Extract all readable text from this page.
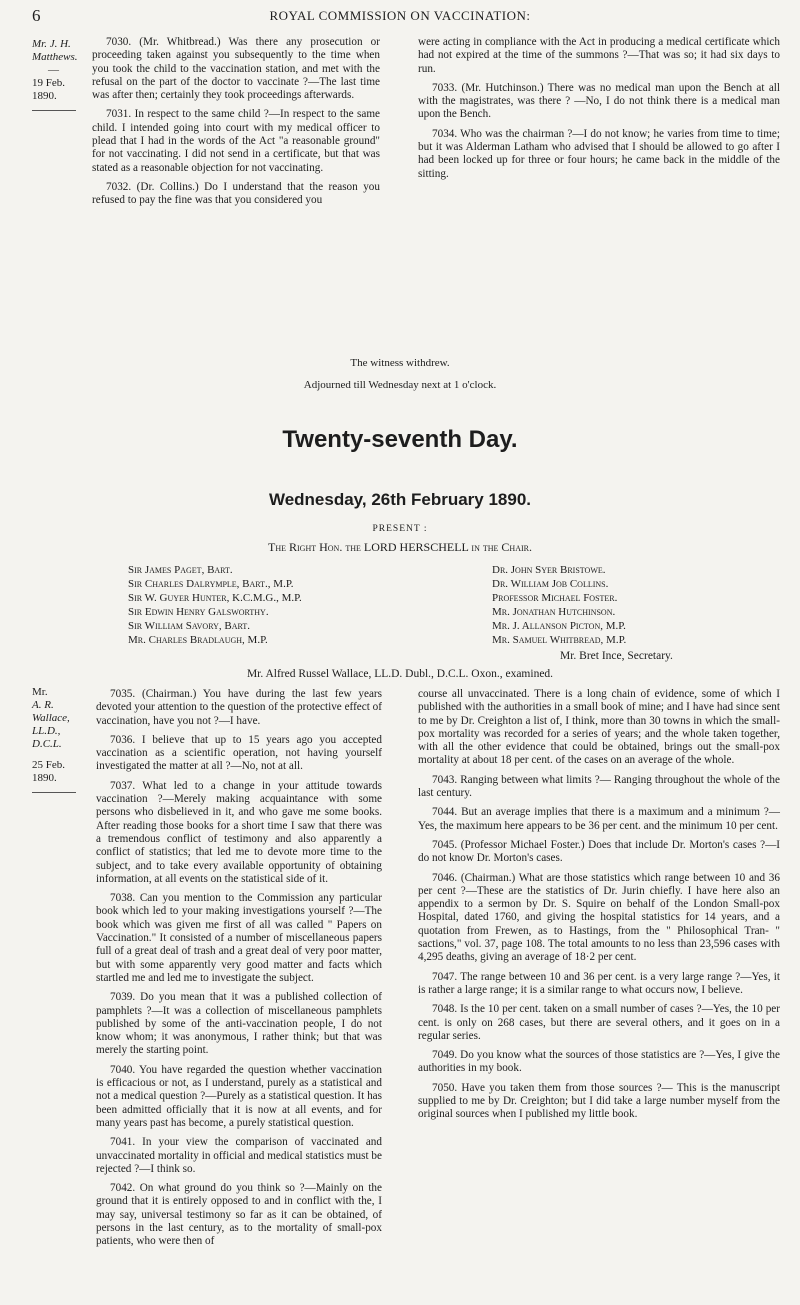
6	ROYAL COMMISSION ON VACCINATION:
Mr. J. H. Matthews.
—
19 Feb. 1890.

7030. (Mr. Whitbread.) Was there any prosecution or proceeding taken against you subsequently to the time when you took the child to the vaccination station, and met with the refusal on the part of the doctor to vaccinate ?—The last time was after then; certainly they took proceedings afterwards.

7031. In respect to the same child ?—In respect to the same child. I intended going into court with my medical officer to plead that I had in the words of the Act "a reasonable ground" for not vaccinating. I did not send in a certificate, but that was stated as a reasonable objection for not vaccinating.

7032. (Dr. Collins.) Do I understand that the reason you refused to pay the fine was that you considered you

were acting in compliance with the Act in producing a medical certificate which had not expired at the time of the summons ?—That was so; it had six days to run.

7033. (Mr. Hutchinson.) There was no medical man upon the Bench at all with the magistrates, was there ? —No, I do not think there is a medical man upon the Bench.

7034. Who was the chairman ?—I do not know; he varies from time to time; but it was Alderman Latham who advised that I should be allowed to go after I had been locked up for three or four hours; he came back in the middle of the sitting.

The witness withdrew.
Adjourned till Wednesday next at 1 o'clock.
Twenty-seventh Day.
Wednesday, 26th February 1890.
PRESENT :
The Right Hon. the LORD HERSCHELL in the Chair.
Sir James Paget, Bart.
Sir Charles Dalrymple, Bart., M.P.
Sir W. Guyer Hunter, K.C.M.G., M.P.
Sir Edwin Henry Galsworthy.
Sir William Savory, Bart.
Mr. Charles Bradlaugh, M.P.
Dr. John Syer Bristowe.
Dr. William Job Collins.
Professor Michael Foster.
Mr. Jonathan Hutchinson.
Mr. J. Allanson Picton, M.P.
Mr. Samuel Whitbread, M.P.
Mr. Bret Ince, Secretary.
Mr. Alfred Russel Wallace, LL.D. Dubl., D.C.L. Oxon., examined.
Mr.
A. R. Wallace, LL.D., D.C.L.
25 Feb. 1890.

7035. (Chairman.) You have during the last few years devoted your attention to the question of the protective effect of vaccination, have you not ?—I have.

7036. I believe that up to 15 years ago you accepted vaccination as a scientific operation, not having yourself investigated the matter at all ?—No, not at all.

7037. What led to a change in your attitude towards vaccination ?—Merely making acquaintance with some persons who disbelieved in it, and who gave me some books. After reading those books for a short time I saw that there was a tremendous conflict of testimony and also apparently a conflict of statistics; that led me to devote more time to the subject, and to take every available opportunity of obtaining information, at all events on the statistical side of it.

7038. Can you mention to the Commission any particular book which led to your making investigations yourself ?—The book which was given me first of all was called " Papers on Vaccination." It consisted of a number of miscellaneous papers full of a great deal of trash and a great deal of very poor matter, but with some apparently very good matter and facts which startled me and led me to investigate the subject.

7039. Do you mean that it was a published collection of pamphlets ?—It was a collection of miscellaneous pamphlets published by some of the anti-vaccination people, I do not know whom; it was anonymous, I rather think; but that was merely the starting point.

7040. You have regarded the question whether vaccination is efficacious or not, as I understand, purely as a statistical and not a medical question ?—Purely as a statistical question. It has been admitted officially that it is now at all events, and for many years past has become, a purely statistical question.

7041. In your view the comparison of vaccinated and unvaccinated mortality in official and medical statistics must be rejected ?—I think so.

7042. On what ground do you think so ?—Mainly on the ground that it is entirely opposed to and in conflict with the, I may say, universal testimony so far as it can be obtained, of persons in the last century, as to the mortality of small-pox patients, who were then of

course all unvaccinated. There is a long chain of evidence, some of which I published with the authorities in a small book of mine; and I have had since sent to me by Dr. Creighton a list of, I think, more than 30 towns in which the small-pox mortality was recorded for a series of years; and the whole taken together, with all the other evidence that could be obtained, brings out the small-pox mortality at about 18 per cent. of the cases on an average of the whole.

7043. Ranging between what limits ?— Ranging throughout the whole of the last century.

7044. But an average implies that there is a maximum and a minimum ?—Yes, the maximum here appears to be 36 per cent. and the minimum 10 per cent.

7045. (Professor Michael Foster.) Does that include Dr. Morton's cases ?—I do not know Dr. Morton's cases.

7046. (Chairman.) What are those statistics which range between 10 and 36 per cent ?—These are the statistics of Dr. Jurin chiefly. I have here also an appendix to a sermon by Dr. S. Squire on behalf of the London Small-pox Hospital, dated 1760, and giving the hospital statistics for 14 years, and a quotation from Frewen, as to Hastings, from the " Philosophical Tran- " sactions," vol. 37, page 108. The total amounts to no less than 23,596 cases with 4,295 deaths, giving an average of 18·2 per cent.

7047. The range between 10 and 36 per cent. is a very large range ?—Yes, it is rather a large range; it is a similar range to what occurs now, I believe.

7048. Is the 10 per cent. taken on a small number of cases ?—Yes, the 10 per cent. is only on 268 cases, but there are several others, and it goes on in a regular series.

7049. Do you know what the sources of those statistics are ?—Yes, I give the authorities in my book.

7050. Have you taken them from those sources ?— This is the manuscript supplied to me by Dr. Creighton; but I did take a large number myself from the original sources when I published my little book.
